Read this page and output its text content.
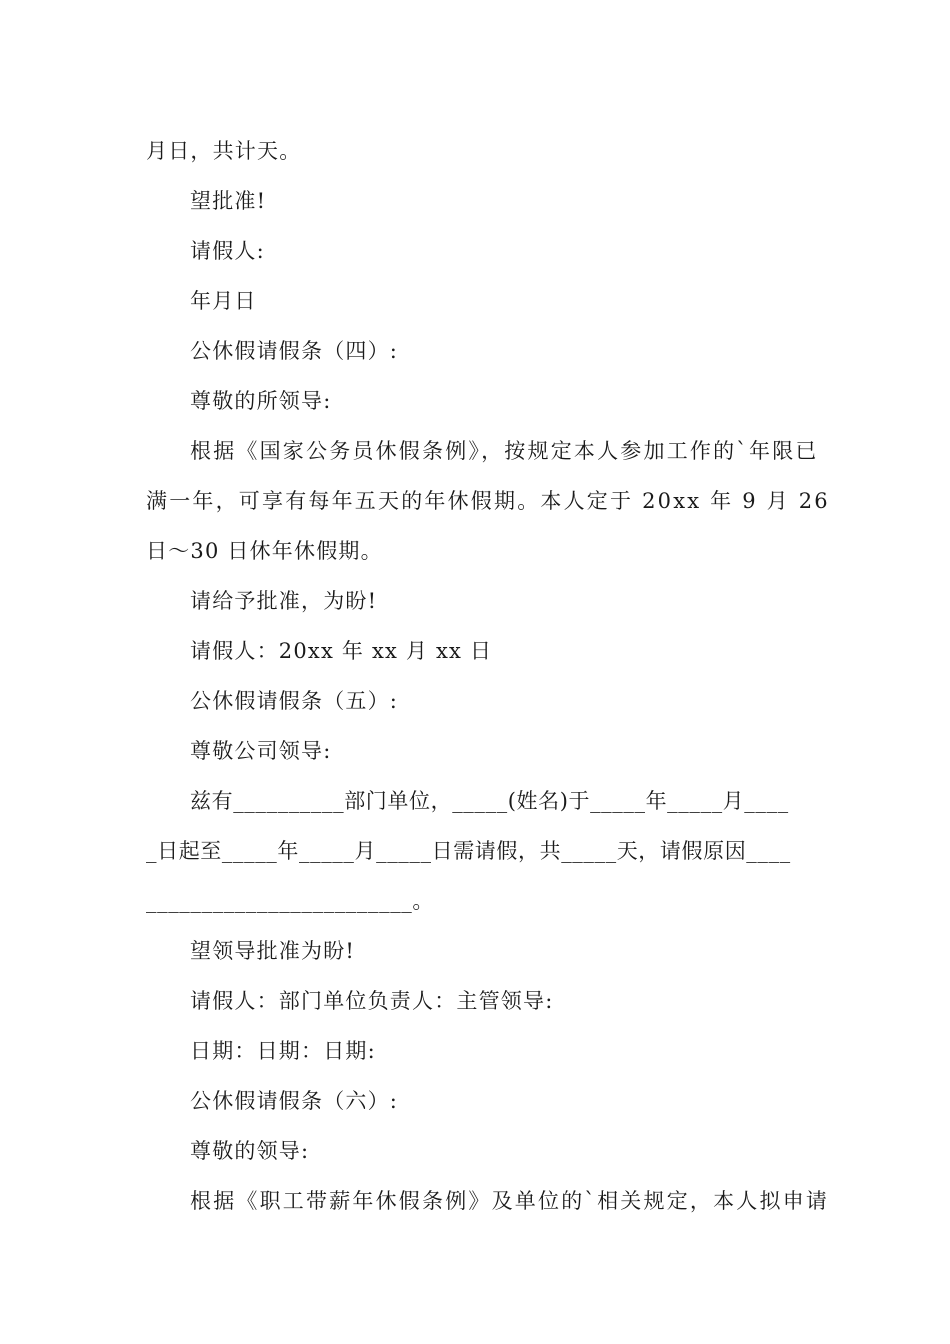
月日，共计天。
望批准!
请假人:
年月日
公休假请假条（四）:
尊敬的所领导:
根据《国家公务员休假条例》，按规定本人参加工作的`年限已
满一年，可享有每年五天的年休假期。本人定于 20xx 年 9 月 26
日～30 日休年休假期。
请给予批准，为盼!
请假人：20xx 年 xx 月 xx 日
公休假请假条（五）:
尊敬公司领导:
兹有__________部门单位，_____(姓名)于_____年_____月____
_日起至_____年_____月_____日需请假，共_____天，请假原因____
________________________。
望领导批准为盼!
请假人：部门单位负责人：主管领导:
日期：日期：日期:
公休假请假条（六）:
尊敬的领导:
根据《职工带薪年休假条例》及单位的`相关规定，本人拟申请
